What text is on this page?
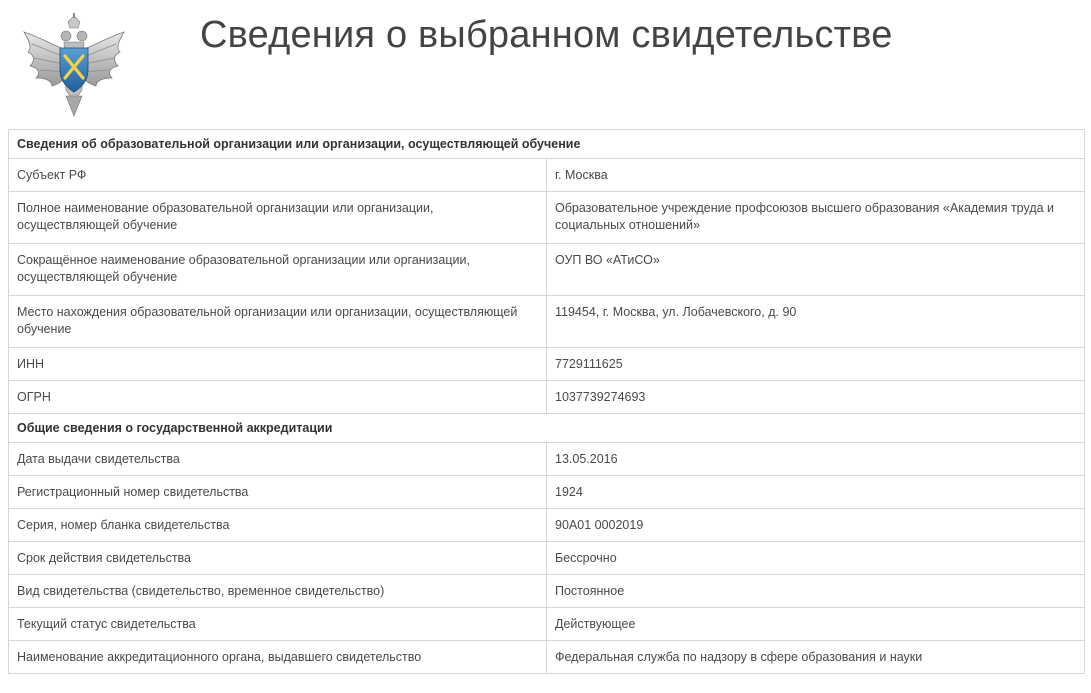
Сведения о выбранном свидетельстве
Сведения об образовательной организации или организации, осуществляющей обучение	
Субъект РФ	г. Москва
Полное наименование образовательной организации или организации, осуществляющей обучение	Образовательное учреждение профсоюзов высшего образования «Академия труда и социальных отношений»
Сокращённое наименование образовательной организации или организации, осуществляющей обучение	ОУП ВО «АТиСО»
Место нахождения образовательной организации или организации, осуществляющей обучение	119454, г. Москва, ул. Лобачевского, д. 90
ИНН	7729111625
ОГРН	1037739274693
Общие сведения о государственной аккредитации	
Дата выдачи свидетельства	13.05.2016
Регистрационный номер свидетельства	1924
Серия, номер бланка свидетельства	90А01 0002019
Срок действия свидетельства	Бессрочно
Вид свидетельства (свидетельство, временное свидетельство)	Постоянное
Текущий статус свидетельства	Действующее
Наименование аккредитационного органа, выдавшего свидетельство	Федеральная служба по надзору в сфере образования и науки
